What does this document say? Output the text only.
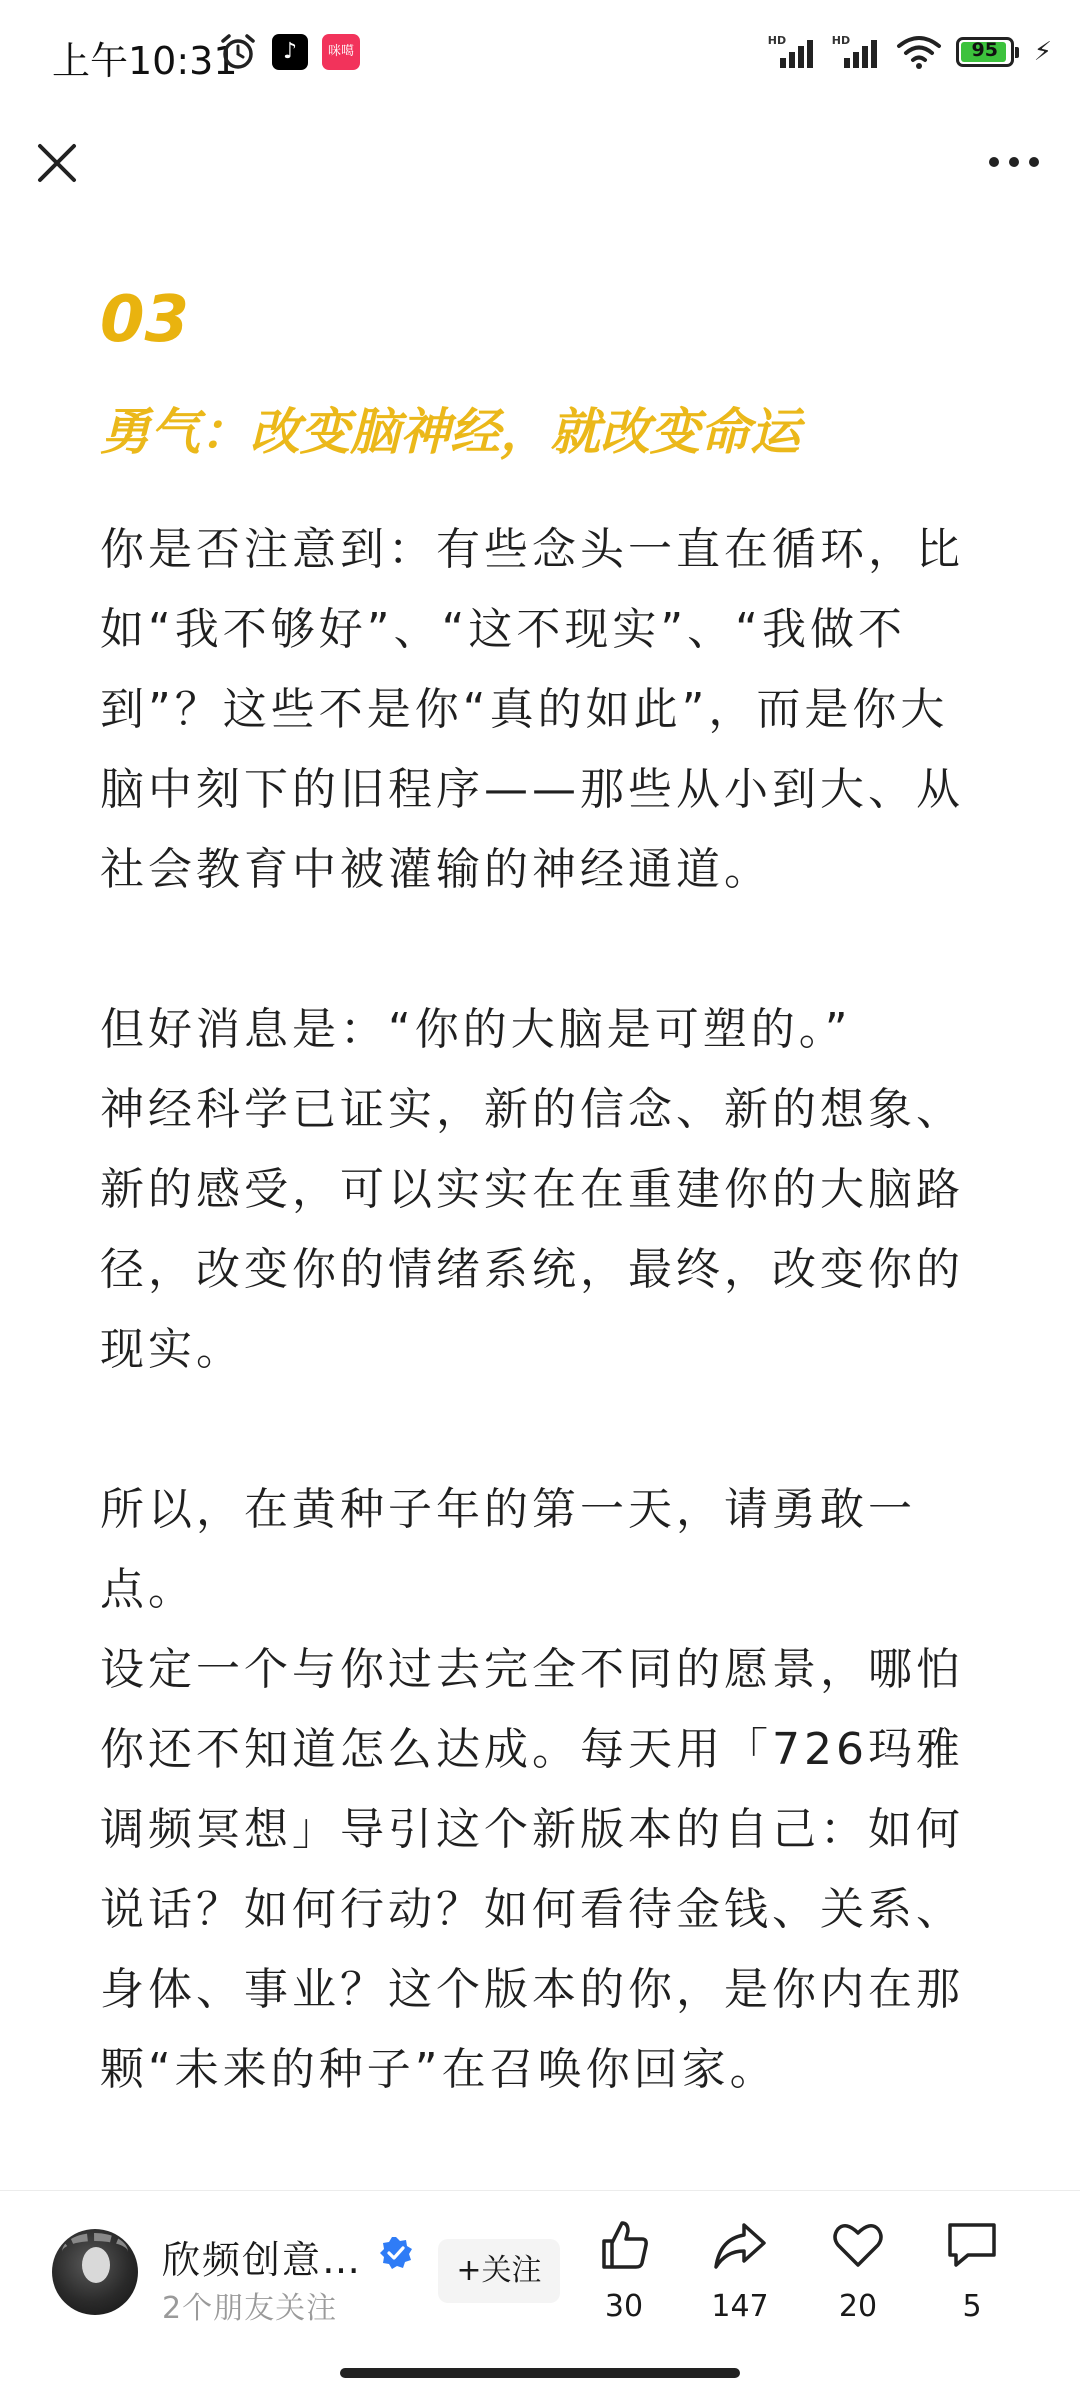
上午10:31	♪	咪噶
HD	HD	95	⚡
03
勇气：改变脑神经，就改变命运

你是否注意到：有些念头一直在循环，比如“我不够好”、“这不现实”、“我做不到”？这些不是你“真的如此”，而是你大脑中刻下的旧程序——那些从小到大、从社会教育中被灌输的神经通道。

但好消息是：“你的大脑是可塑的。”

神经科学已证实，新的信念、新的想象、新的感受，可以实实在在重建你的大脑路径，改变你的情绪系统，最终，改变你的现实。

所以，在黄种子年的第一天，请勇敢一点。

设定一个与你过去完全不同的愿景，哪怕你还不知道怎么达成。每天用「726玛雅调频冥想」导引这个新版本的自己：如何说话？如何行动？如何看待金钱、关系、身体、事业？这个版本的你，是你内在那颗“未来的种子”在召唤你回家。

欣频创意…
2个朋友关注
+关注
30	147	20	5
